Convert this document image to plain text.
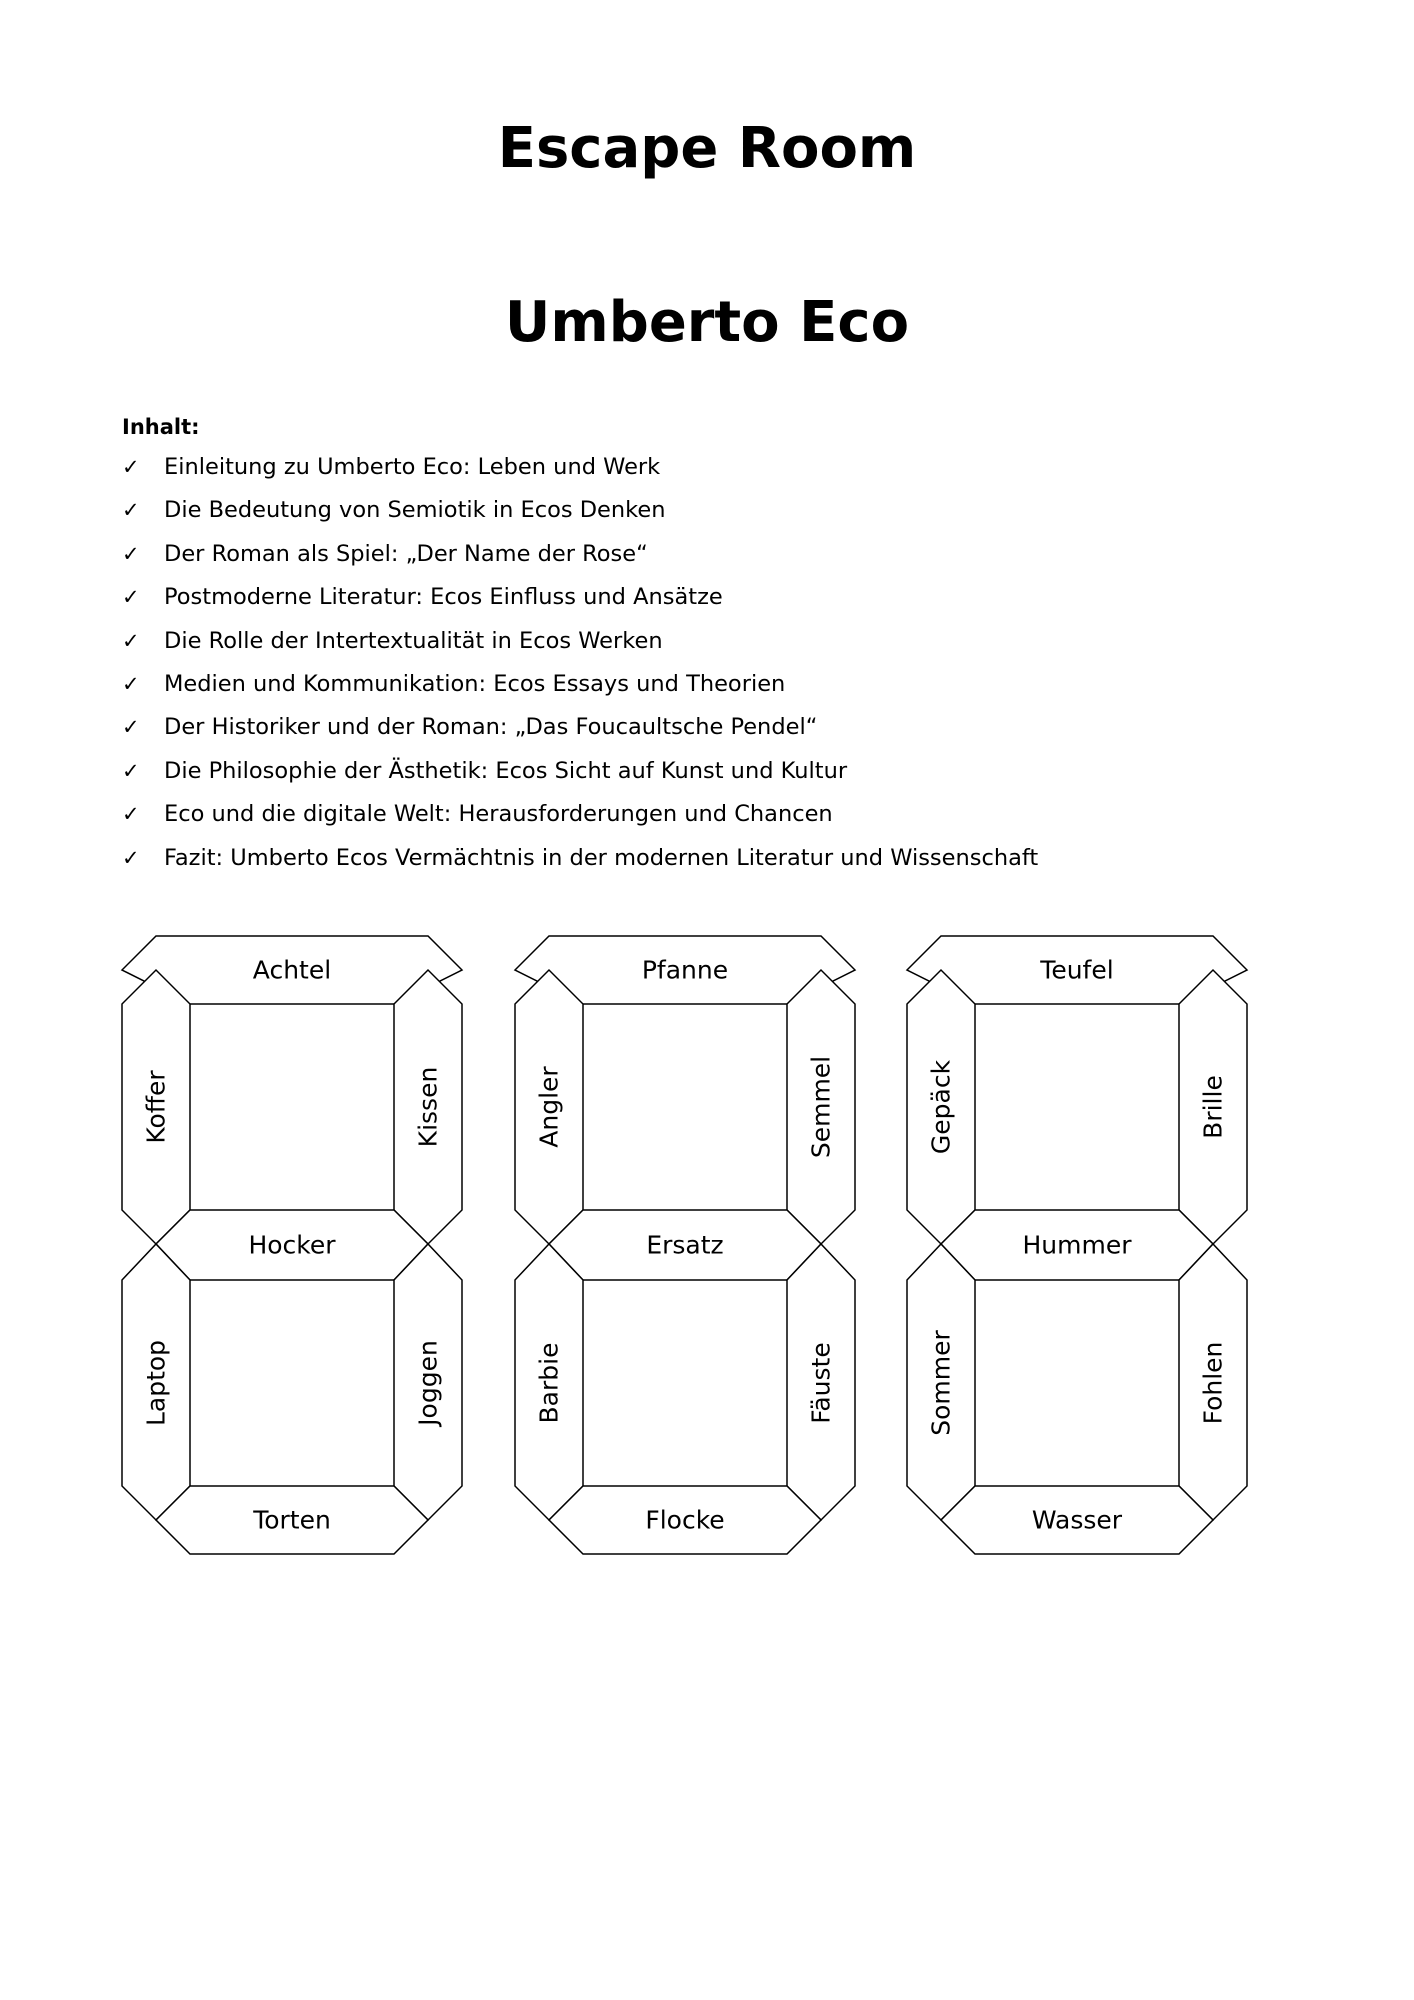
Escape Room
Umberto Eco
Inhalt:
✓ Einleitung zu Umberto Eco: Leben und Werk
✓ Die Bedeutung von Semiotik in Ecos Denken
✓ Der Roman als Spiel: „Der Name der Rose“
✓ Postmoderne Literatur: Ecos Einfluss und Ansätze
✓ Die Rolle der Intertextualität in Ecos Werken
✓ Medien und Kommunikation: Ecos Essays und Theorien
✓ Der Historiker und der Roman: „Das Foucaultsche Pendel“
✓ Die Philosophie der Ästhetik: Ecos Sicht auf Kunst und Kultur
✓ Eco und die digitale Welt: Herausforderungen und Chancen
✓ Fazit: Umberto Ecos Vermächtnis in der modernen Literatur und Wissenschaft
Achtel
Koffer	Kissen
Hocker
Laptop	Joggen
Torten
Pfanne
Angler	Semmel
Ersatz
Barbie	Fäuste
Flocke
Teufel
Gepäck	Brille
Hummer
Sommer	Fohlen
Wasser
